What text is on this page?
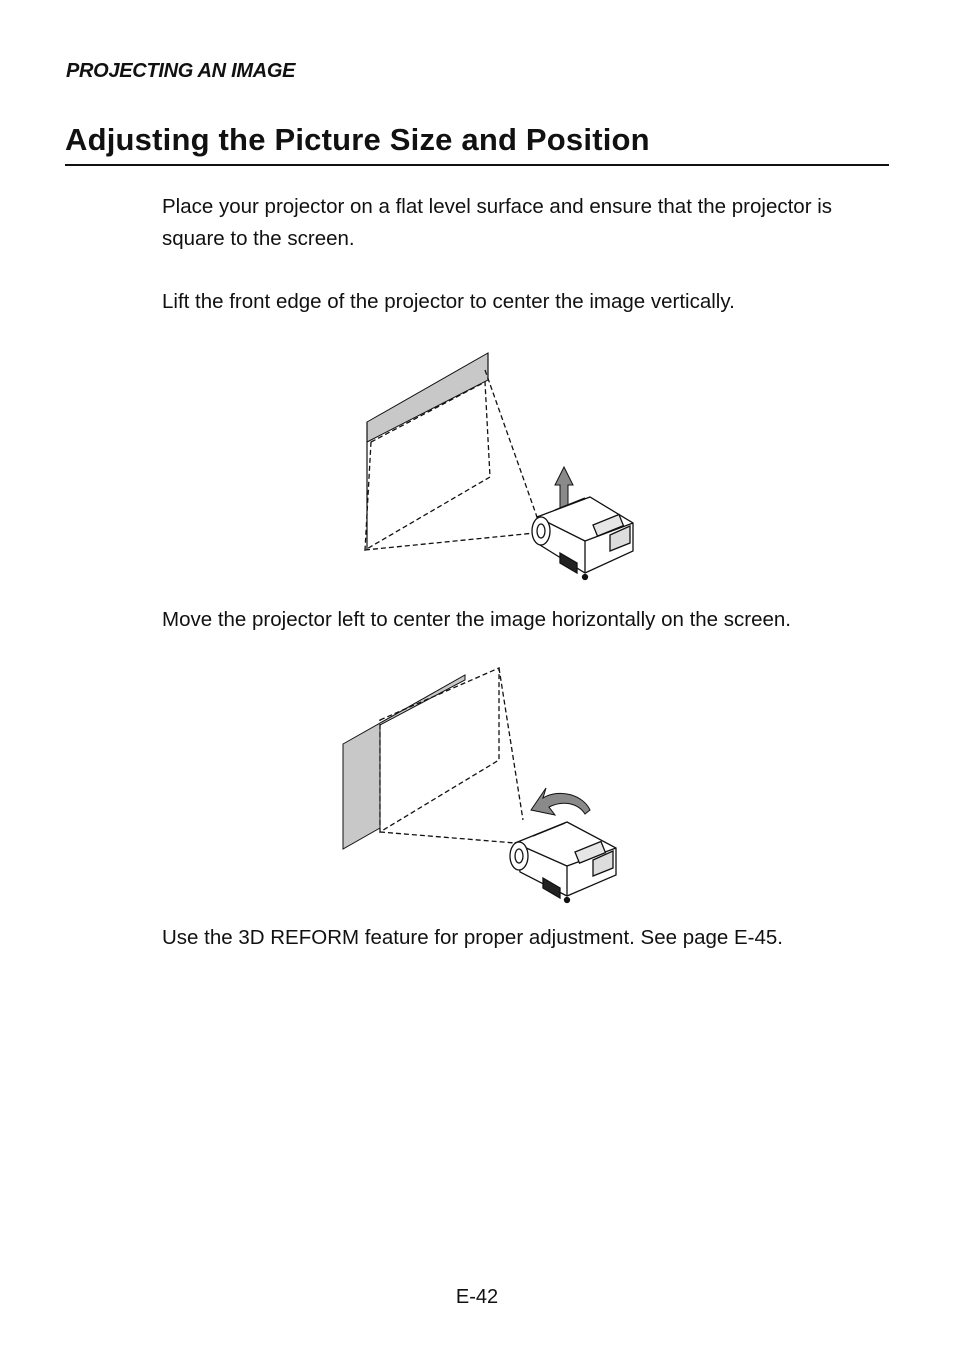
PROJECTING AN IMAGE
Adjusting the Picture Size and Position

Place your projector on a flat level surface and ensure that the projector is square to the screen.

Lift the front edge of the projector to center the image vertically.

Move the projector left to center the image horizontally on the screen.

Use the 3D REFORM feature for proper adjustment. See page E-45.

E-42
